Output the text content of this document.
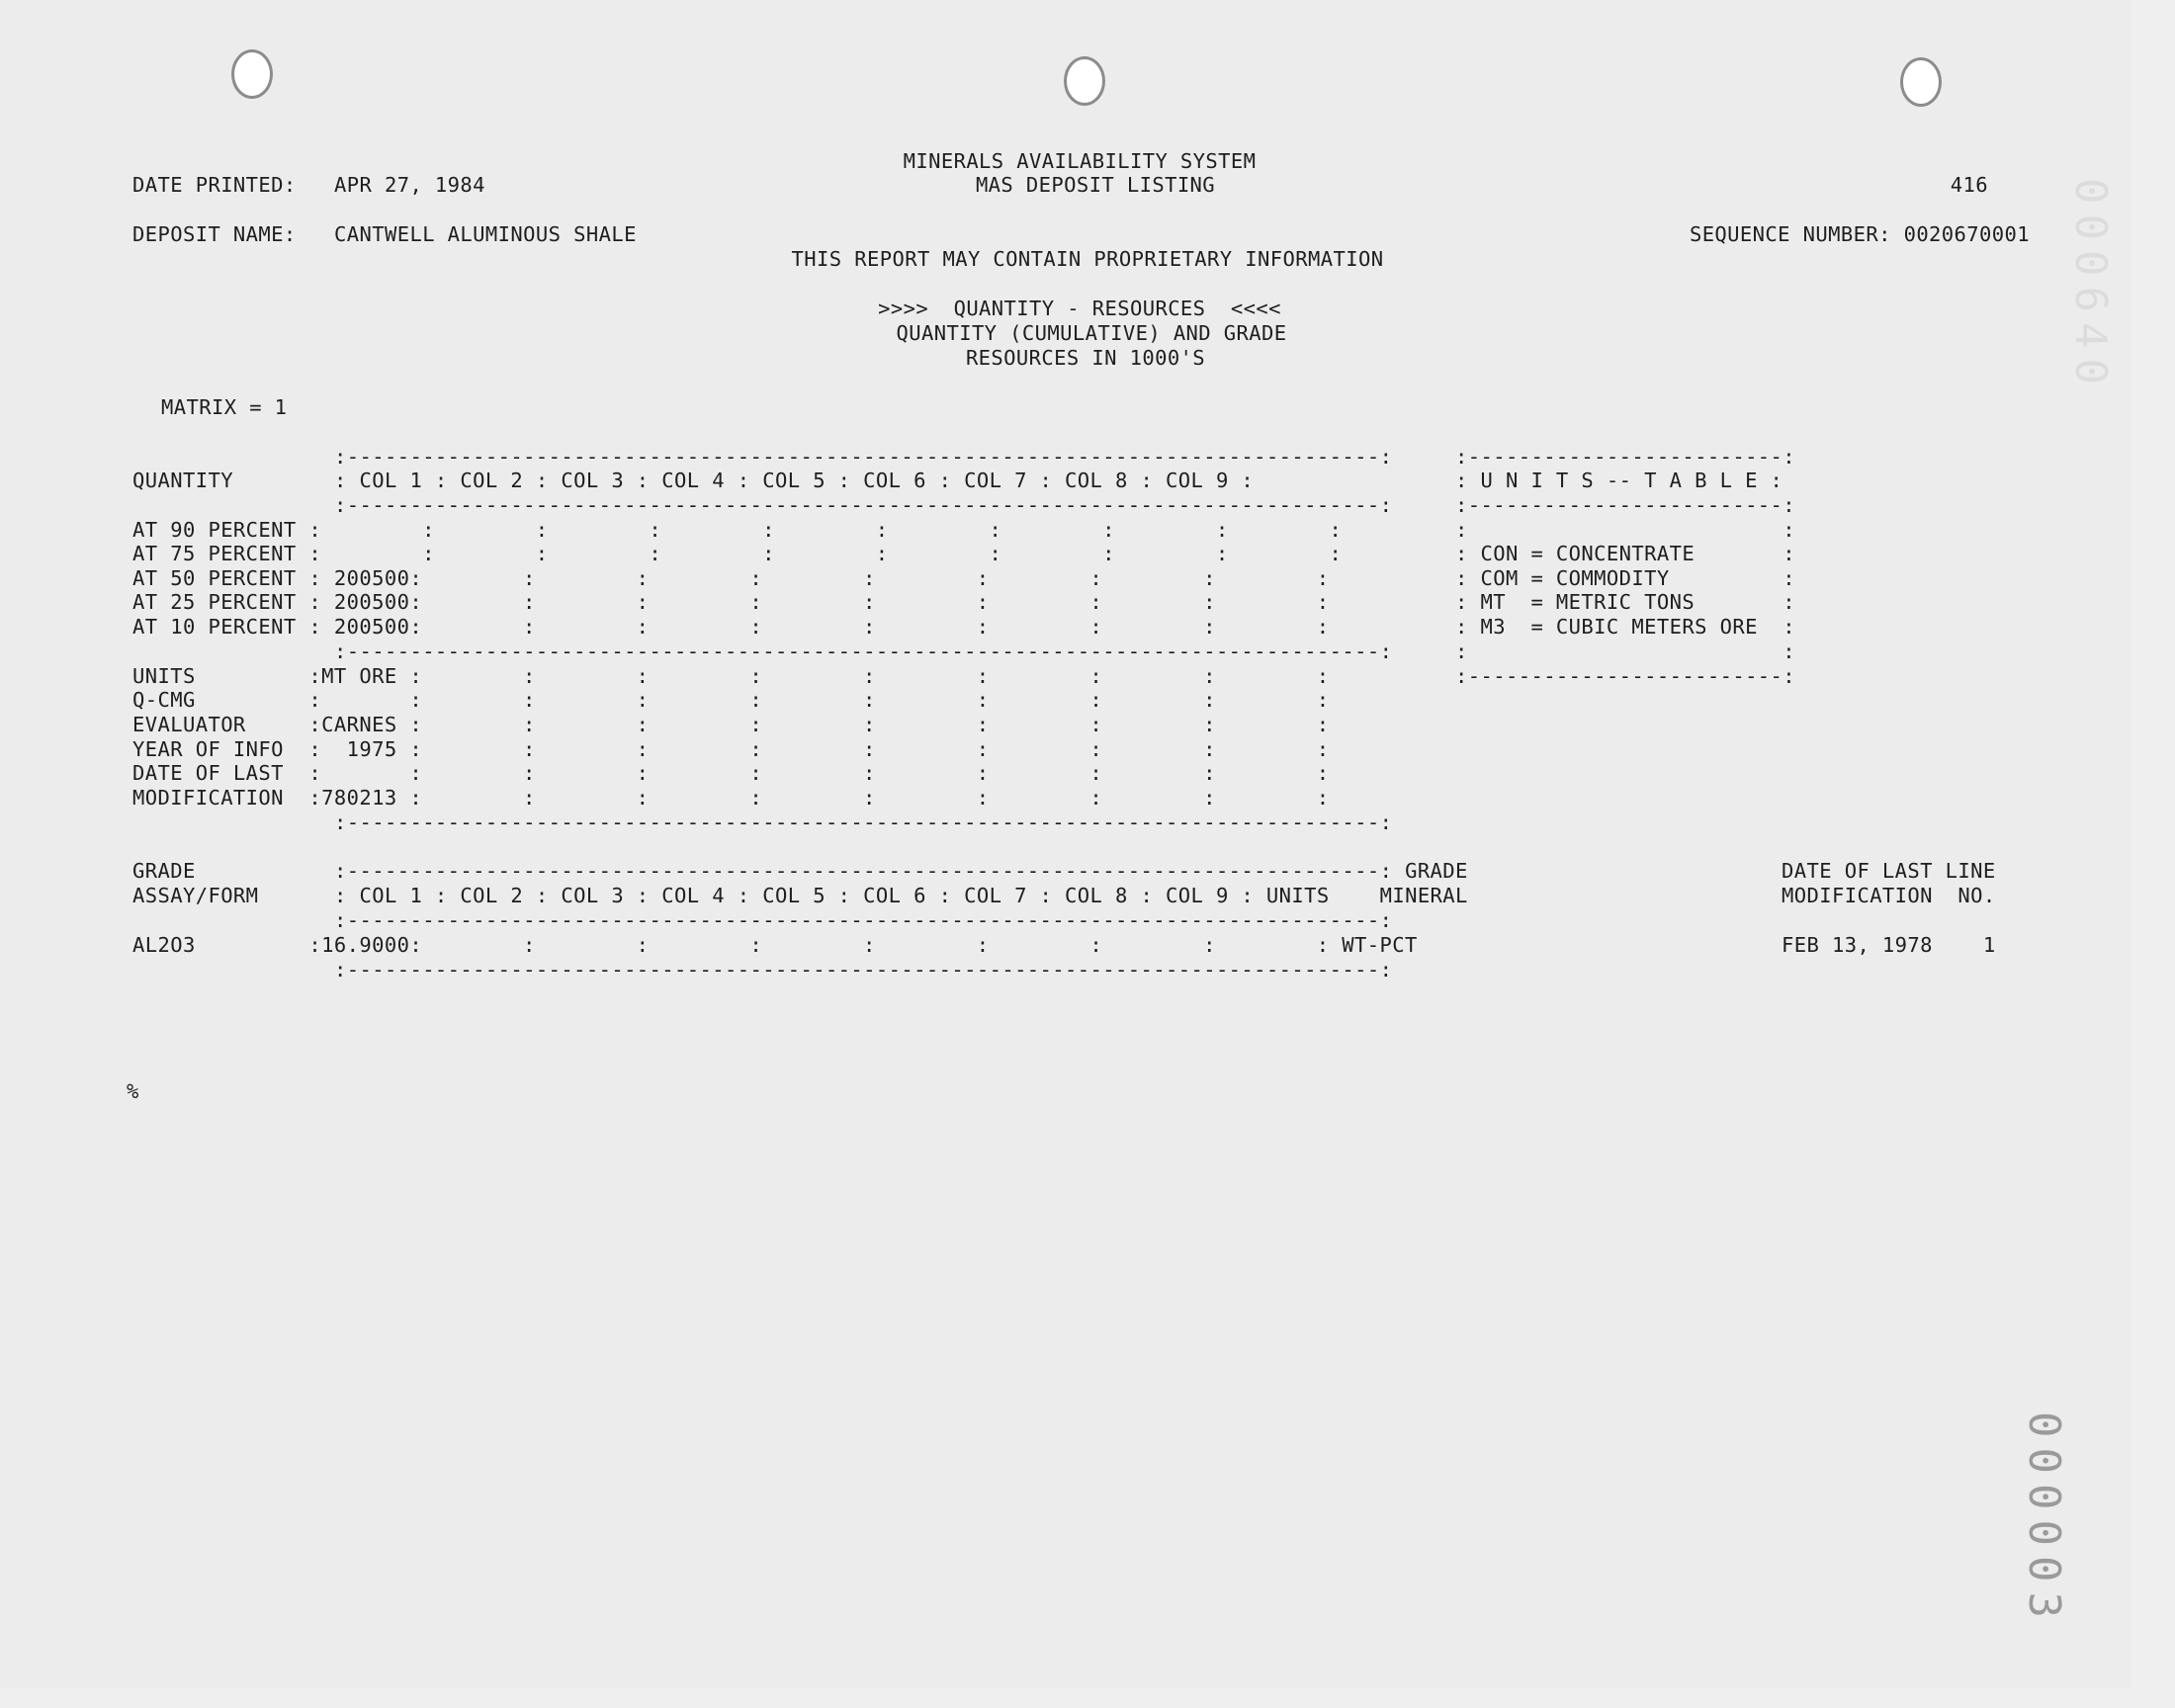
MINERALS AVAILABILITY SYSTEM

MAS DEPOSIT LISTING

DATE PRINTED: APR 27, 1984	416

DEPOSIT NAME: CANTWELL ALUMINOUS SHALE	SEQUENCE NUMBER: 0020670001

THIS REPORT MAY CONTAIN PROPRIETARY INFORMATION

>>>>  QUANTITY - RESOURCES  <<<<

QUANTITY (CUMULATIVE) AND GRADE

RESOURCES IN 1000'S

MATRIX = 1

:----------------------------------------------------------------------------------:

QUANTITY	: COL 1 : COL 2 : COL 3 : COL 4 : COL 5 : COL 6 : COL 7 : COL 8 : COL 9 :

:----------------------------------------------------------------------------------:

AT 90 PERCENT :        :        :        :        :        :        :        :        :        :

AT 75 PERCENT :        :        :        :        :        :        :        :        :        :

AT 50 PERCENT : 200500:        :        :        :        :        :        :        :        :

AT 25 PERCENT : 200500:        :        :        :        :        :        :        :        :

AT 10 PERCENT : 200500:        :        :        :        :        :        :        :        :

:----------------------------------------------------------------------------------:

UNITS         :MT ORE :        :        :        :        :        :        :        :        :

Q-CMG         :       :        :        :        :        :        :        :        :        :

EVALUATOR     :CARNES :        :        :        :        :        :        :        :        :

YEAR OF INFO  :  1975 :        :        :        :        :        :        :        :        :

DATE OF LAST  :       :        :        :        :        :        :        :        :        :

MODIFICATION  :780213 :        :        :        :        :        :        :        :        :

:----------------------------------------------------------------------------------:

:-------------------------:

: U N I T S -- T A B L E :

:-------------------------:

:                         :

: CON = CONCENTRATE       :

: COM = COMMODITY         :

: MT  = METRIC TONS       :

: M3  = CUBIC METERS ORE  :

:                         :

:-------------------------:

GRADE	:----------------------------------------------------------------------------------: GRADE	DATE OF LAST LINE

ASSAY/FORM	: COL 1 : COL 2 : COL 3 : COL 4 : COL 5 : COL 6 : COL 7 : COL 8 : COL 9 : UNITS    MINERAL	MODIFICATION  NO.

:----------------------------------------------------------------------------------:

AL2O3         :16.9000:        :        :        :        :        :        :        :        : WT-PCT	FEB 13, 1978    1

:----------------------------------------------------------------------------------:

%

000003
000640
